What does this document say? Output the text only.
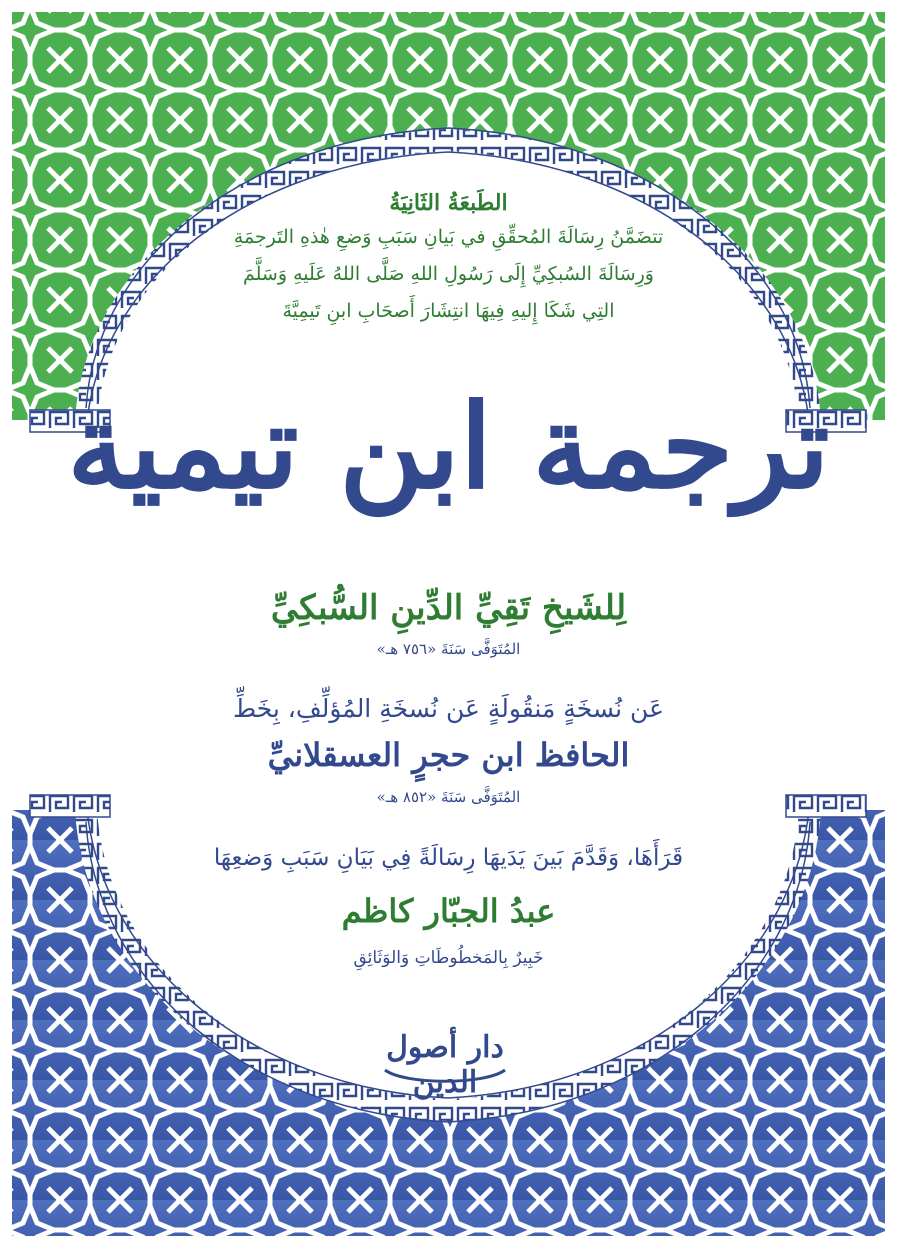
الطَبعَةُ الثَانِيَةُ

تتضَمَّنُ رِسَالَةَ المُحقِّقِ في بَيانِ سَبَبِ وَضعِ هٰذهِ التَرجمَةِ

وَرِسَالَةَ السُبكِيِّ إِلَى رَسُولِ اللهِ صَلَّى اللهُ عَلَيهِ وَسَلَّمَ

التِي شَكَا إِليهِ فِيهَا انتِشَارَ أَصحَابِ ابنِ تَيمِيَّةَ

ترجمة ابن تيمية

لِلشَيخِ تَقِيِّ الدِّينِ السُّبكِيِّ

المُتَوَفَّى سَنَةَ «٧٥٦ هـ»

عَن نُسخَةٍ مَنقُولَةٍ عَن نُسخَةِ المُؤلِّفِ، بِخَطِّ

الحافظ ابن حجرٍ العسقلانيِّ

المُتَوَفَّى سَنَةَ «٨٥٢ هـ»

قَرَأَهَا، وَقَدَّمَ بَينَ يَدَيهَا رِسَالَةً فِي بَيَانِ سَبَبِ وَضعِهَا

عبدُ الجبّار كاظم

خَبِيرٌ بِالمَخطُوطَاتِ وَالوَثَائِقِ

دار أصول الدين
